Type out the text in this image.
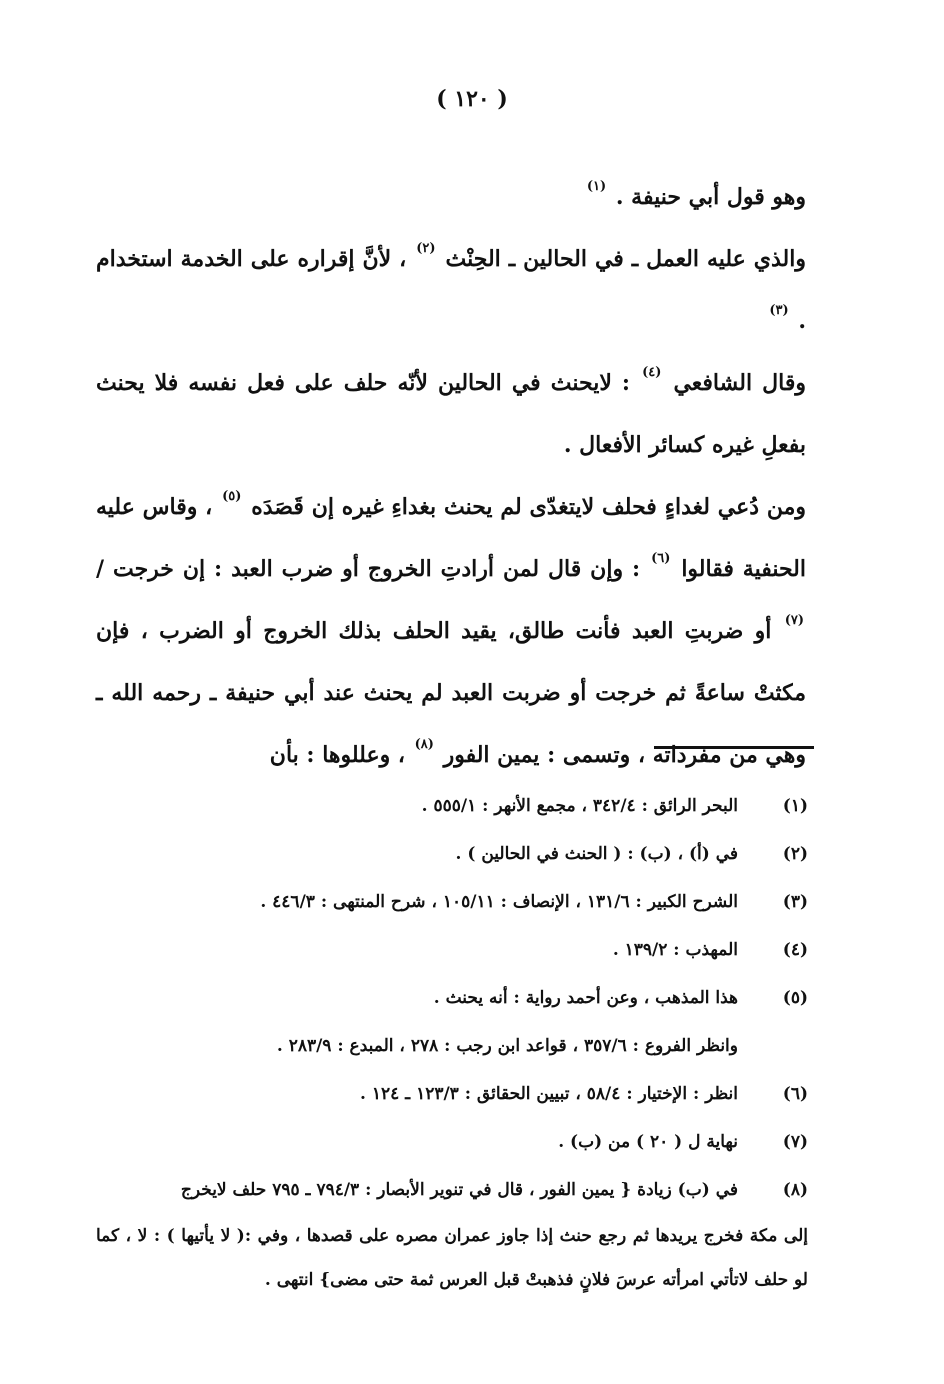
( ١٢٠ )

وهو قول أبي حنيفة . $^{(١)}$

والذي عليه العمل ـ في الحالين ـ الحِنْث $^{(٢)}$ ، لأنَّ إقراره على الخدمة استخدام . $^{(٣)}$

وقال الشافعي $^{(٤)}$ : لايحنث في الحالين لأنّه حلف على فعل نفسه فلا يحنث بفعلِ غيره كسائر الأفعال .

ومن دُعي لغداءٍ فحلف لايتغدّى لم يحنث بغداءِ غيره إن قَصَدَه $^{(٥)}$ ، وقاس عليه الحنفية فقالوا $^{(٦)}$ : وإن قال لمن أرادتِ الخروج أو ضرب العبد : إن خرجت / $^{(٧)}$ أو ضربتِ العبد فأنت طالق، يقيد الحلف بذلك الخروج أو الضرب ، فإن مكثتْ ساعةً ثم خرجت أو ضربت العبد لم يحنث عند أبي حنيفة ـ رحمه الله ـ وهي من مفرداته ، وتسمى : يمين الفور $^{(٨)}$ ، وعللوها : بأن

(١)
البحر الرائق : ٣٤٢/٤ ، مجمع الأنهر : ٥٥٥/١ .
(٢)
في (أ) ، (ب) : ( الحنث في الحالين ) .
(٣)
الشرح الكبير : ١٣١/٦ ، الإنصاف : ١٠٥/١١ ، شرح المنتهى : ٤٤٦/٣ .
(٤)
المهذب : ١٣٩/٢ .
(٥)
هذا المذهب ، وعن أحمد رواية : أنه يحنث .
وانظر الفروع : ٣٥٧/٦ ، قواعد ابن رجب : ٢٧٨ ، المبدع : ٢٨٣/٩ .
(٦)
انظر : الإختيار : ٥٨/٤ ، تبيين الحقائق : ١٢٣/٣ ـ ١٢٤ .
(٧)
نهاية ل ( ٢٠ ) من (ب) .
(٨)
في (ب) زيادة { يمين الفور ، قال في تنوير الأبصار : ٧٩٤/٣ ـ ٧٩٥ حلف لايخرج
إلى مكة فخرج يريدها ثم رجع حنث إذا جاوز عمران مصره على قصدها ، وفي :( لا يأتيها ) : لا ، كما لو حلف لاتأتي امرأته عرسَ فلانٍ فذهبتْ قبل العرس ثمة حتى مضى} انتهى .
